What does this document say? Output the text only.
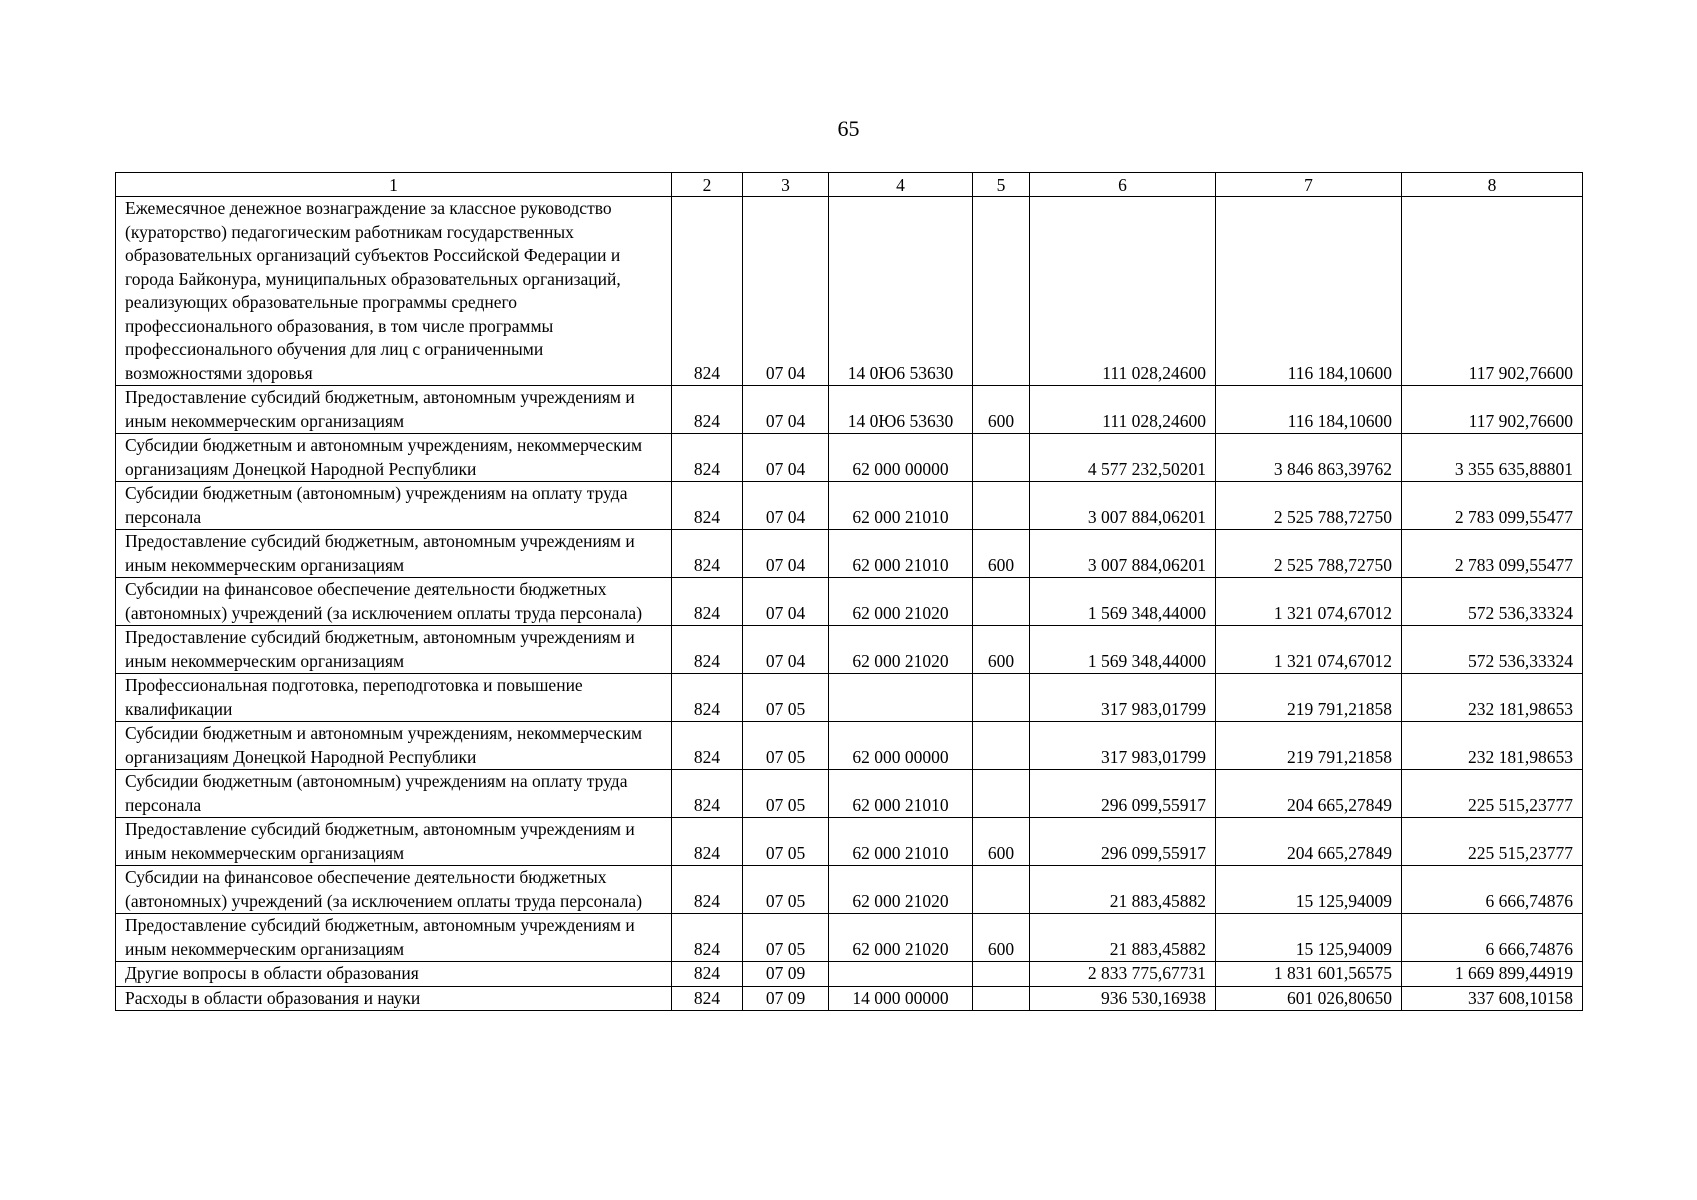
65
1	2	3	4	5	6	7	8
Ежемесячное денежное вознаграждение за классное руководство (кураторство) педагогическим работникам государственных образовательных организаций субъектов Российской Федерации и города Байконура, муниципальных образовательных организаций, реализующих образовательные программы среднего профессионального образования, в том числе программы профессионального обучения для лиц с ограниченными возможностями здоровья	824	07 04	14 0Ю6 53630		111 028,24600	116 184,10600	117 902,76600
Предоставление субсидий бюджетным, автономным учреждениям и иным некоммерческим организациям	824	07 04	14 0Ю6 53630	600	111 028,24600	116 184,10600	117 902,76600
Субсидии бюджетным и автономным учреждениям, некоммерческим организациям Донецкой Народной Республики	824	07 04	62 000 00000		4 577 232,50201	3 846 863,39762	3 355 635,88801
Субсидии бюджетным (автономным) учреждениям на оплату труда персонала	824	07 04	62 000 21010		3 007 884,06201	2 525 788,72750	2 783 099,55477
Предоставление субсидий бюджетным, автономным учреждениям и иным некоммерческим организациям	824	07 04	62 000 21010	600	3 007 884,06201	2 525 788,72750	2 783 099,55477
Субсидии на финансовое обеспечение деятельности бюджетных (автономных) учреждений (за исключением оплаты труда персонала)	824	07 04	62 000 21020		1 569 348,44000	1 321 074,67012	572 536,33324
Предоставление субсидий бюджетным, автономным учреждениям и иным некоммерческим организациям	824	07 04	62 000 21020	600	1 569 348,44000	1 321 074,67012	572 536,33324
Профессиональная подготовка, переподготовка и повышение квалификации	824	07 05			317 983,01799	219 791,21858	232 181,98653
Субсидии бюджетным и автономным учреждениям, некоммерческим организациям Донецкой Народной Республики	824	07 05	62 000 00000		317 983,01799	219 791,21858	232 181,98653
Субсидии бюджетным (автономным) учреждениям на оплату труда персонала	824	07 05	62 000 21010		296 099,55917	204 665,27849	225 515,23777
Предоставление субсидий бюджетным, автономным учреждениям и иным некоммерческим организациям	824	07 05	62 000 21010	600	296 099,55917	204 665,27849	225 515,23777
Субсидии на финансовое обеспечение деятельности бюджетных (автономных) учреждений (за исключением оплаты труда персонала)	824	07 05	62 000 21020		21 883,45882	15 125,94009	6 666,74876
Предоставление субсидий бюджетным, автономным учреждениям и иным некоммерческим организациям	824	07 05	62 000 21020	600	21 883,45882	15 125,94009	6 666,74876
Другие вопросы в области образования	824	07 09			2 833 775,67731	1 831 601,56575	1 669 899,44919
Расходы в области образования и науки	824	07 09	14 000 00000		936 530,16938	601 026,80650	337 608,10158
